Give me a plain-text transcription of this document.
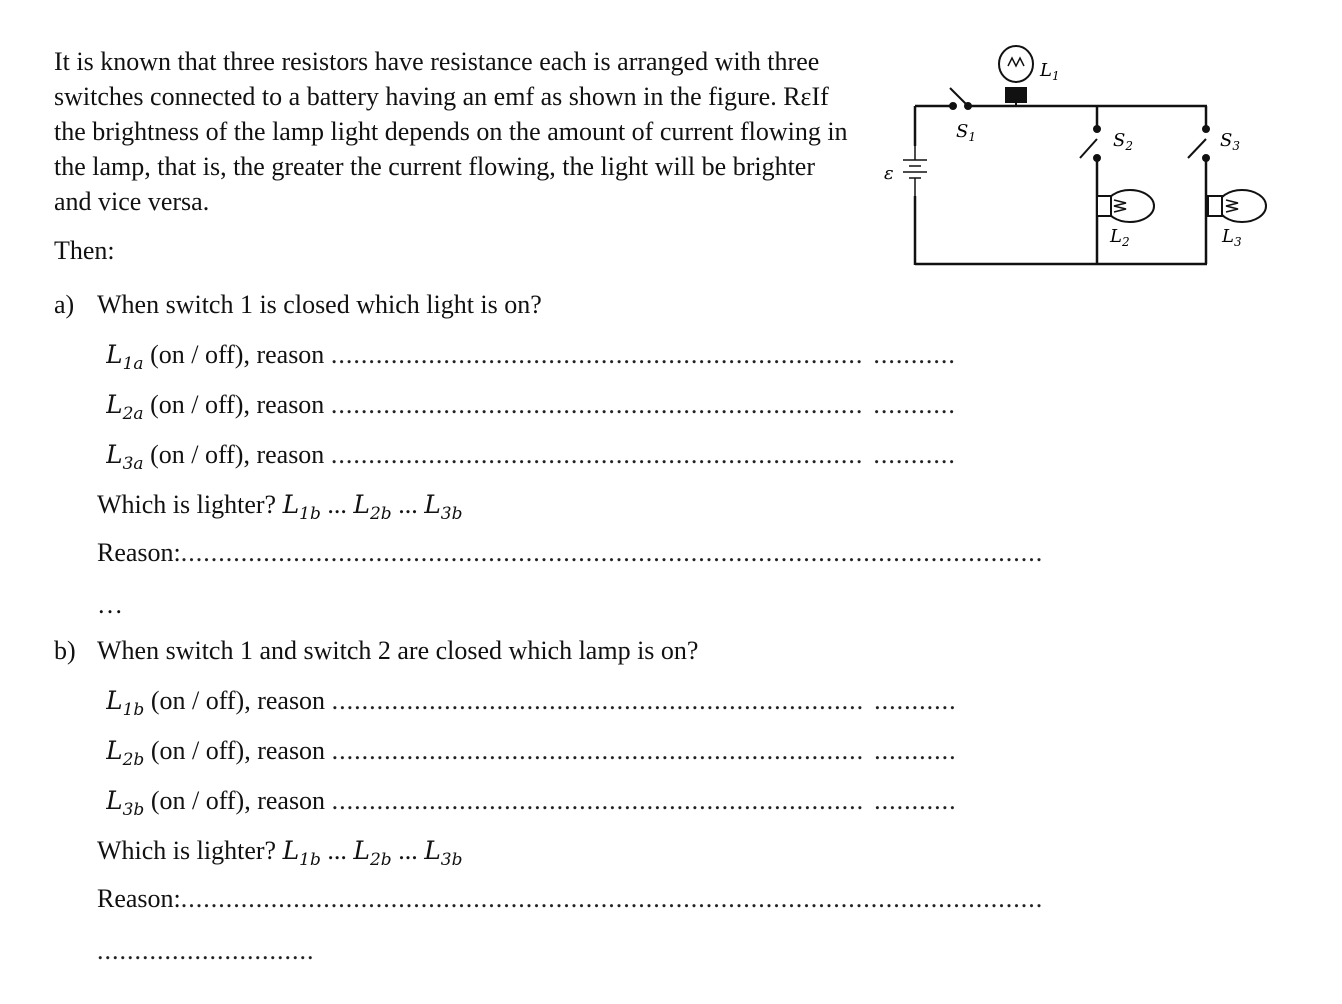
It is known that three resistors have resistance each is arranged with three switches connected to a battery having an emf as shown in the figure. RεIf the brightness of the lamp light depends on the amount of current flowing in the lamp, that is, the greater the current flowing, the light will be brighter and vice versa.

Then:

ε
$S_1$
$L_1$
$S_2$
$L_2$
$S_3$
$L_3$

a) When switch 1 is closed which light is on?

$L_{1a}$ (on / off), reason ....................................................................... ...........
$L_{2a}$ (on / off), reason ....................................................................... ...........
$L_{3a}$ (on / off), reason ....................................................................... ...........
Which is lighter? $L_{1b}$ ... $L_{2b}$ ... $L_{3b}$
Reason:...................................................................................................................
…

b) When switch 1 and switch 2 are closed which lamp is on?

$L_{1b}$ (on / off), reason ....................................................................... ...........
$L_{2b}$ (on / off), reason ....................................................................... ...........
$L_{3b}$ (on / off), reason ....................................................................... ...........
Which is lighter? $L_{1b}$ ... $L_{2b}$ ... $L_{3b}$
Reason:...................................................................................................................
.............................
